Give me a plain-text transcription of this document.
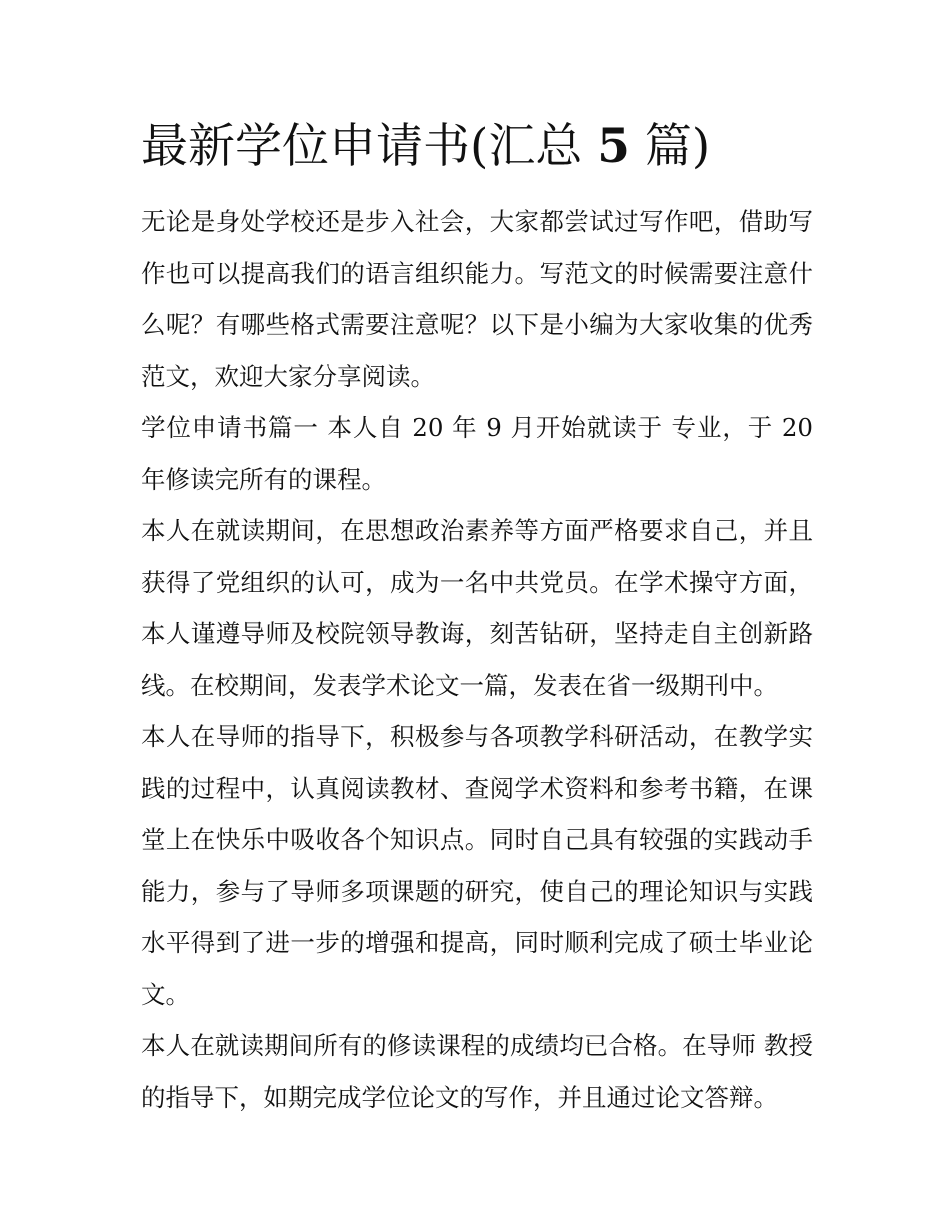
最新学位申请书(汇总 5 篇)

无论是身处学校还是步入社会，大家都尝试过写作吧，借助写作也可以提高我们的语言组织能力。写范文的时候需要注意什么呢？有哪些格式需要注意呢？以下是小编为大家收集的优秀范文，欢迎大家分享阅读。

学位申请书篇一 本人自 20 年 9 月开始就读于 专业，于 20 年修读完所有的课程。

本人在就读期间，在思想政治素养等方面严格要求自己，并且获得了党组织的认可，成为一名中共党员。在学术操守方面，本人谨遵导师及校院领导教诲，刻苦钻研，坚持走自主创新路线。在校期间，发表学术论文一篇，发表在省一级期刊中。

本人在导师的指导下，积极参与各项教学科研活动，在教学实践的过程中，认真阅读教材、查阅学术资料和参考书籍，在课堂上在快乐中吸收各个知识点。同时自己具有较强的实践动手能力，参与了导师多项课题的研究，使自己的理论知识与实践水平得到了进一步的增强和提高，同时顺利完成了硕士毕业论文。

本人在就读期间所有的修读课程的成绩均已合格。在导师 教授的指导下，如期完成学位论文的写作，并且通过论文答辩。
